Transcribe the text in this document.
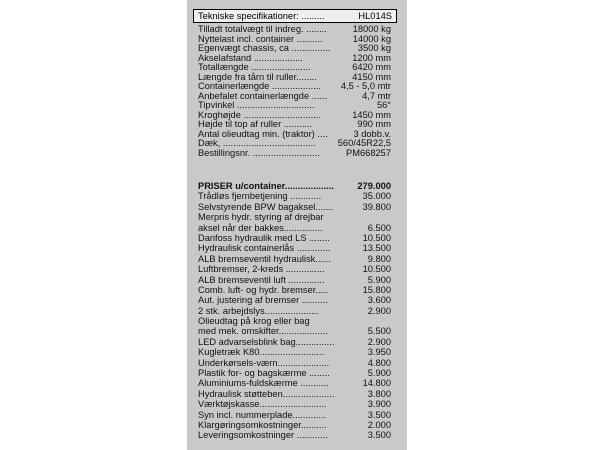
Tekniske specifikationer: .........	HL014S
Tilladt totalvægt til indreg. ........	18000 kg
Nyttelast incl. container ..........	14000 kg
Egenvægt chassis, ca ...............	3500 kg
Akselafstand ...................	1200 mm
Totallængde .......................	6420 mm
Længde fra tårn til ruller........	4150 mm
Containerlængde ................... 4,5 - 5,0 mtr
Anbefalet containerlængde ......	4,7 mtr
Tipvinkel ..............................	56°
Kroghøjde ..............................	1450 mm
Højde til top af ruller ...........	990 mm
Antal olieudtag min. (traktor) ....	3 dobb.v.
Dæk, .................................... 560/45R22,5
Bestillingsnr. ..........................	PM668257
PRISER u/container...................	279.000
Trådløs fjernbetjening ............	35.000
Selvstyrende BPW bagaksel.......	39.800
Merpris hydr. styring af drejbar
aksel når der bakkes...............	6.500
Danfoss hydraulik med LS ........	10.500
Hydraulisk containerlås .............	13.500
ALB bremseventil hydraulisk......	9.800
Luftbremser, 2-kreds ...............	10.500
ALB bremseventil luft ..............	5.900
Comb. luft- og hydr. bremser.....	15.800
Aut. justering af bremser ..........	3.600
2 stk. arbejdslys.....................	2.900
Olieudtag på krog eller bag
med mek. omskifter...................	5.500
LED advarselsblink bag...............	2.900
Kugletræk K80.........................	3.950
Underkørsels-værn....................	4.800
Plastik for- og bagskærme ........	5.900
Aluminiums-fuldskærme ...........	14.800
Hydraulisk støtteben....................	3.800
Værktøjskasse..........................	3.900
Syn incl. nummerplade.............	3.500
Klargøringsomkostninger..........	2.000
Leveringsomkostninger ............	3.500
